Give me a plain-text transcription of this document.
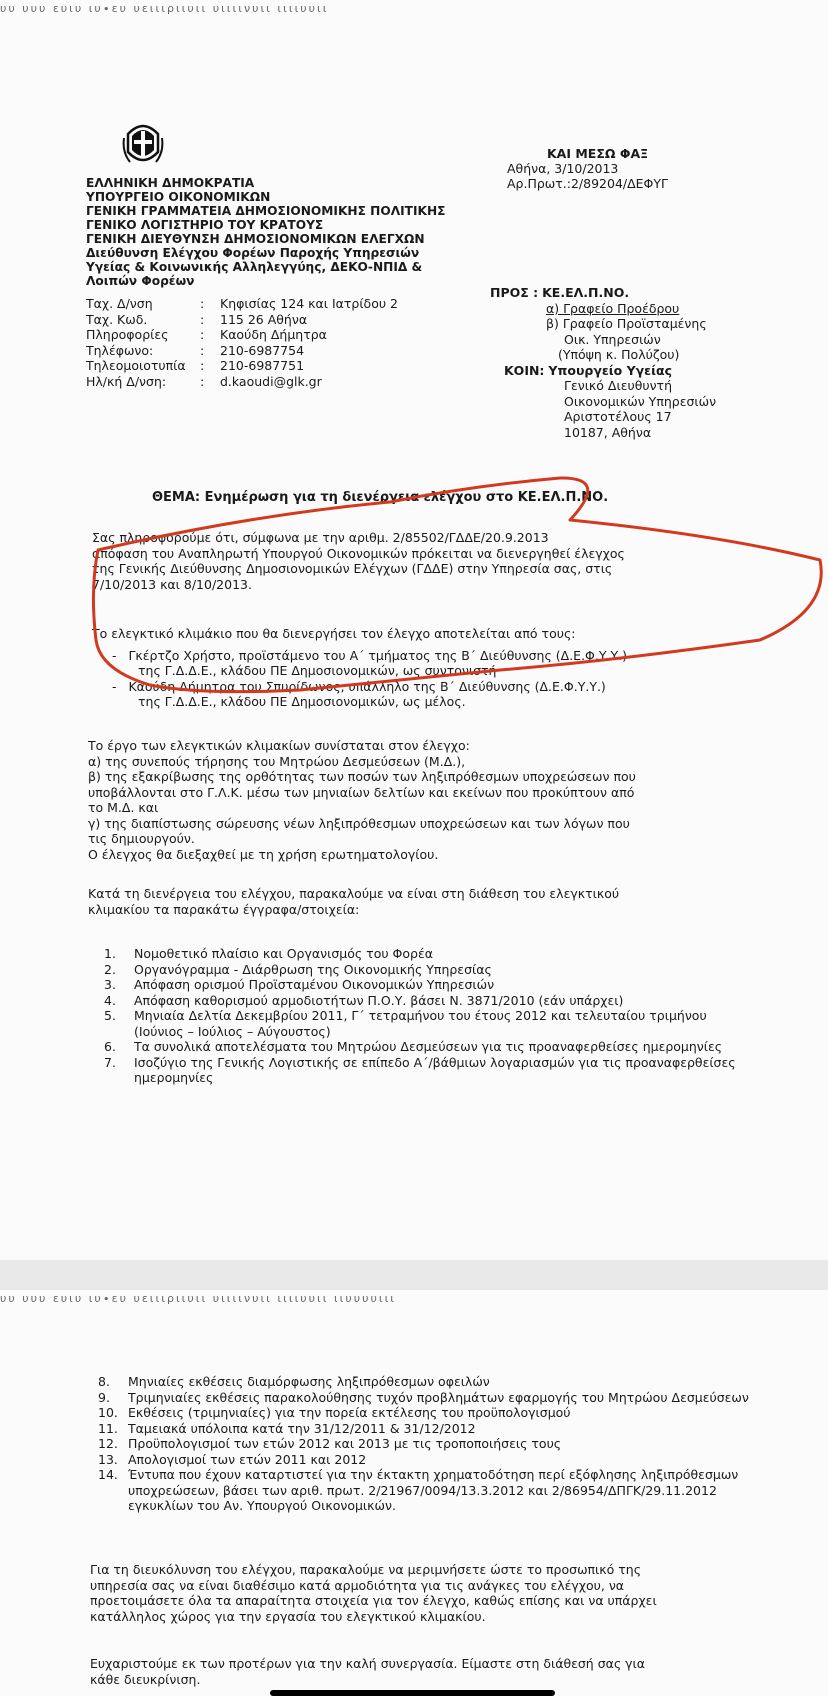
υυ υυυ ευιυ ιυ∙ευ υειιιριιυιι υιιιινυιι ιιιιυυιι
ΕΛΛΗΝΙΚΗ ΔΗΜΟΚΡΑΤΙΑ
ΥΠΟΥΡΓΕΙΟ ΟΙΚΟΝΟΜΙΚΩΝ
ΓΕΝΙΚΗ ΓΡΑΜΜΑΤΕΙΑ ΔΗΜΟΣΙΟΝΟΜΙΚΗΣ ΠΟΛΙΤΙΚΗΣ
ΓΕΝΙΚΟ ΛΟΓΙΣΤΗΡΙΟ ΤΟΥ ΚΡΑΤΟΥΣ
ΓΕΝΙΚΗ ΔΙΕΥΘΥΝΣΗ ΔΗΜΟΣΙΟΝΟΜΙΚΩΝ ΕΛΕΓΧΩΝ
Διεύθυνση Ελέγχου Φορέων Παροχής Υπηρεσιών
Υγείας & Κοινωνικής Αλληλεγγύης, ΔΕΚΟ-ΝΠΙΔ &
Λοιπών Φορέων
Ταχ. Δ/νση	:	Κηφισίας 124 και Ιατρίδου 2
Ταχ. Κωδ.	:	115 26 Αθήνα
Πληροφορίες	:	Καούδη Δήμητρα
Τηλέφωνο:	:	210-6987754
Τηλεομοιοτυπία	:	210-6987751
Ηλ/κή Δ/νση:	:	d.kaoudi@glk.gr
ΚΑΙ ΜΕΣΩ ΦΑΞ
Αθήνα, 3/10/2013
Αρ.Πρωτ.:2/89204/ΔΕΦΥΓ
ΠΡΟΣ : ΚΕ.ΕΛ.Π.ΝΟ.
α) Γραφείο Προέδρου
β) Γραφείο Προϊσταμένης
Οικ. Υπηρεσιών
(Υπόψη κ. Πολύζου)
ΚΟΙΝ: Υπουργείο Υγείας
Γενικό Διευθυντή
Οικονομικών Υπηρεσιών
Αριστοτέλους 17
10187, Αθήνα
ΘΕΜΑ: Ενημέρωση για τη διενέργεια ελέγχου στο ΚΕ.ΕΛ.Π.ΝΟ.
Σας πληροφορούμε ότι, σύμφωνα με την αριθμ. 2/85502/ΓΔΔΕ/20.9.2013
απόφαση του Αναπληρωτή Υπουργού Οικονομικών πρόκειται να διενεργηθεί έλεγχος
της Γενικής Διεύθυνσης Δημοσιονομικών Ελέγχων (ΓΔΔΕ) στην Υπηρεσία σας, στις
7/10/2013 και 8/10/2013.
Το ελεγκτικό κλιμάκιο που θα διενεργήσει τον έλεγχο αποτελείται από τους:
-   Γκέρτζο Χρήστο, προϊστάμενο του Α΄ τμήματος της Β΄ Διεύθυνσης (Δ.Ε.Φ.Υ.Υ.)
της Γ.Δ.Δ.Ε., κλάδου ΠΕ Δημοσιονομικών, ως συντονιστή
-   Καούδη Δήμητρα του Σπυρίδωνος, υπάλληλο της Β΄ Διεύθυνσης (Δ.Ε.Φ.Υ.Υ.)
της Γ.Δ.Δ.Ε., κλάδου ΠΕ Δημοσιονομικών, ως μέλος.
Το έργο των ελεγκτικών κλιμακίων συνίσταται στον έλεγχο:
α) της συνεπούς τήρησης του Μητρώου Δεσμεύσεων (Μ.Δ.),
β) της εξακρίβωσης της ορθότητας των ποσών των ληξιπρόθεσμων υποχρεώσεων που
υποβάλλονται στο Γ.Λ.Κ. μέσω των μηνιαίων δελτίων και εκείνων που προκύπτουν από
το Μ.Δ. και
γ) της διαπίστωσης σώρευσης νέων ληξιπρόθεσμων υποχρεώσεων και των λόγων που
τις δημιουργούν.
Ο έλεγχος θα διεξαχθεί με τη χρήση ερωτηματολογίου.
Κατά τη διενέργεια του ελέγχου, παρακαλούμε να είναι στη διάθεση του ελεγκτικού
κλιμακίου τα παρακάτω έγγραφα/στοιχεία:
1.	Νομοθετικό πλαίσιο και Οργανισμός του Φορέα
2.	Οργανόγραμμα - Διάρθρωση της Οικονομικής Υπηρεσίας
3.	Απόφαση ορισμού Προϊσταμένου Οικονομικών Υπηρεσιών
4.	Απόφαση καθορισμού αρμοδιοτήτων Π.Ο.Υ. βάσει Ν. 3871/2010 (εάν υπάρχει)
5.	Μηνιαία Δελτία Δεκεμβρίου 2011, Γ΄ τετραμήνου του έτους 2012 και τελευταίου τριμήνου (Ιούνιος – Ιούλιος – Αύγουστος)
6.	Τα συνολικά αποτελέσματα του Μητρώου Δεσμεύσεων για τις προαναφερθείσες ημερομηνίες
7.	Ισοζύγιο της Γενικής Λογιστικής σε επίπεδο Α΄/βάθμιων λογαριασμών για τις προαναφερθείσες ημερομηνίες
υυ υυυ ευιυ ιυ∙ευ υειιιριιυιι υιιιινυιι ιιιιυυιι ιιυυυυιιι
8.	Μηνιαίες εκθέσεις διαμόρφωσης ληξιπρόθεσμων οφειλών
9.	Τριμηνιαίες εκθέσεις παρακολούθησης τυχόν προβλημάτων εφαρμογής του Μητρώου Δεσμεύσεων
10. Εκθέσεις (τριμηνιαίες) για την πορεία εκτέλεσης του προϋπολογισμού
11. Ταμειακά υπόλοιπα κατά την 31/12/2011 & 31/12/2012
12. Προϋπολογισμοί των ετών 2012 και 2013 με τις τροποποιήσεις τους
13. Απολογισμοί των ετών 2011 και 2012
14. Έντυπα που έχουν καταρτιστεί για την έκτακτη χρηματοδότηση περί εξόφλησης ληξιπρόθεσμων υποχρεώσεων, βάσει των αριθ. πρωτ. 2/21967/0094/13.3.2012 και 2/86954/ΔΠΓΚ/29.11.2012 εγκυκλίων του Αν. Υπουργού Οικονομικών.
Για τη διευκόλυνση του ελέγχου, παρακαλούμε να μεριμνήσετε ώστε το προσωπικό της
υπηρεσία σας να είναι διαθέσιμο κατά αρμοδιότητα για τις ανάγκες του ελέγχου, να
προετοιμάσετε όλα τα απαραίτητα στοιχεία για τον έλεγχο, καθώς επίσης και να υπάρχει
κατάλληλος χώρος για την εργασία του ελεγκτικού κλιμακίου.
Ευχαριστούμε εκ των προτέρων για την καλή συνεργασία. Είμαστε στη διάθεσή σας για
κάθε διευκρίνιση.
